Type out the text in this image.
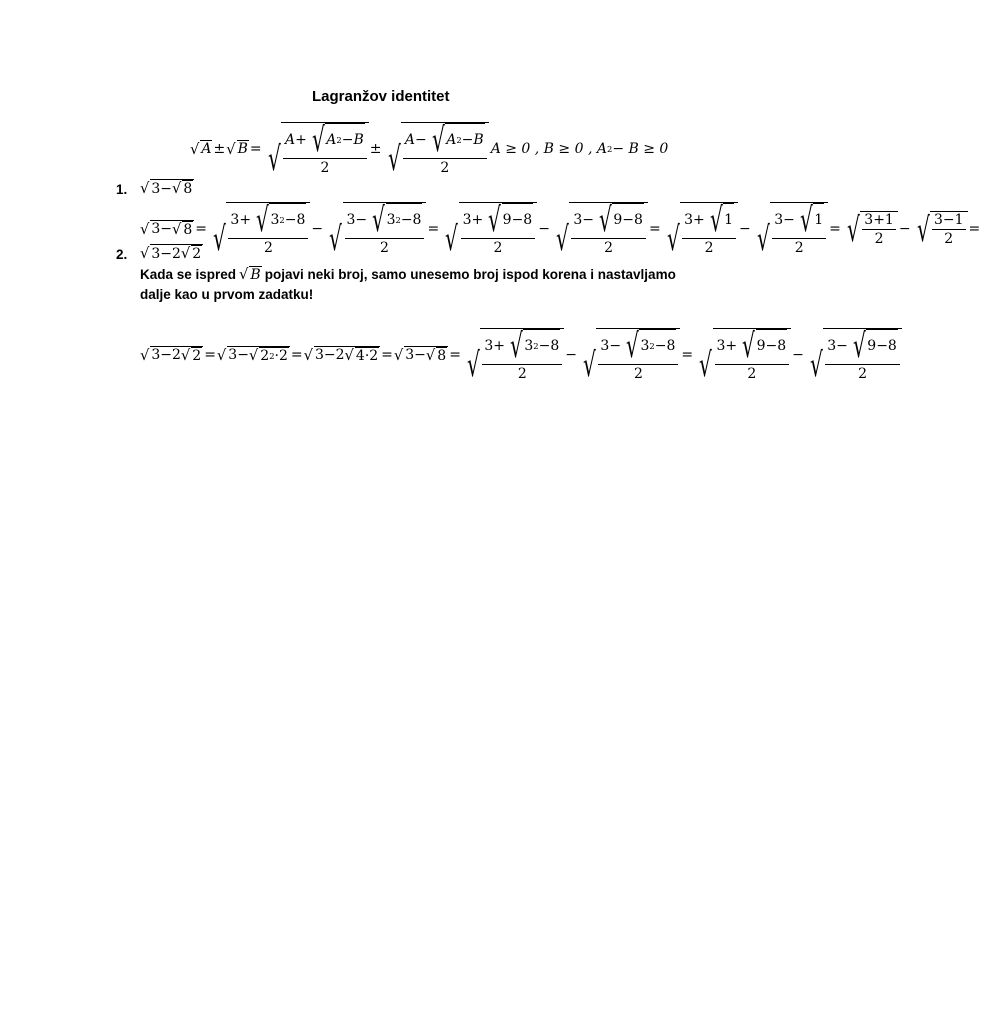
Lagranžov identitet
√ A ± √ B = √ $\frac{A + √ A 2 - B}{2}$ ± √ $\frac{A - √ A 2 - B}{2}$ A ≥ 0 , B ≥ 0 , A 2 − B ≥ 0
1. √ 3− √ 8
√ 3− √ 8 = √ $\frac{3+ √ 3 2 -8}{2}$ − √ $\frac{3- √ 3 2 -8}{2}$ = √ $\frac{3+ √ 9-8}{2}$ − √ $\frac{3- √ 9-8}{2}$ = √ $\frac{3+ √ 1}{2}$ − √ $\frac{3- √ 1}{2}$ = √ $\frac{3+1}{2}$ − √ $\frac{3-1}{2}$ =
2. √ 3−2 √ 2
Kada se ispred √ B pojavi neki broj, samo unesemo broj ispod korena i nastavljamo
dalje kao u prvom zadatku!
√ 3−2 √ 2 = √ 3− √ 2 2 ·2 = √ 3−2 √ 4·2 = √ 3− √ 8 = √ $\frac{3+ √ 3 2 -8}{2}$ − √ $\frac{3- √ 3 2 -8}{2}$ = √ $\frac{3+ √ 9-8}{2}$ − √ $\frac{3- √ 9-8}{2}$
